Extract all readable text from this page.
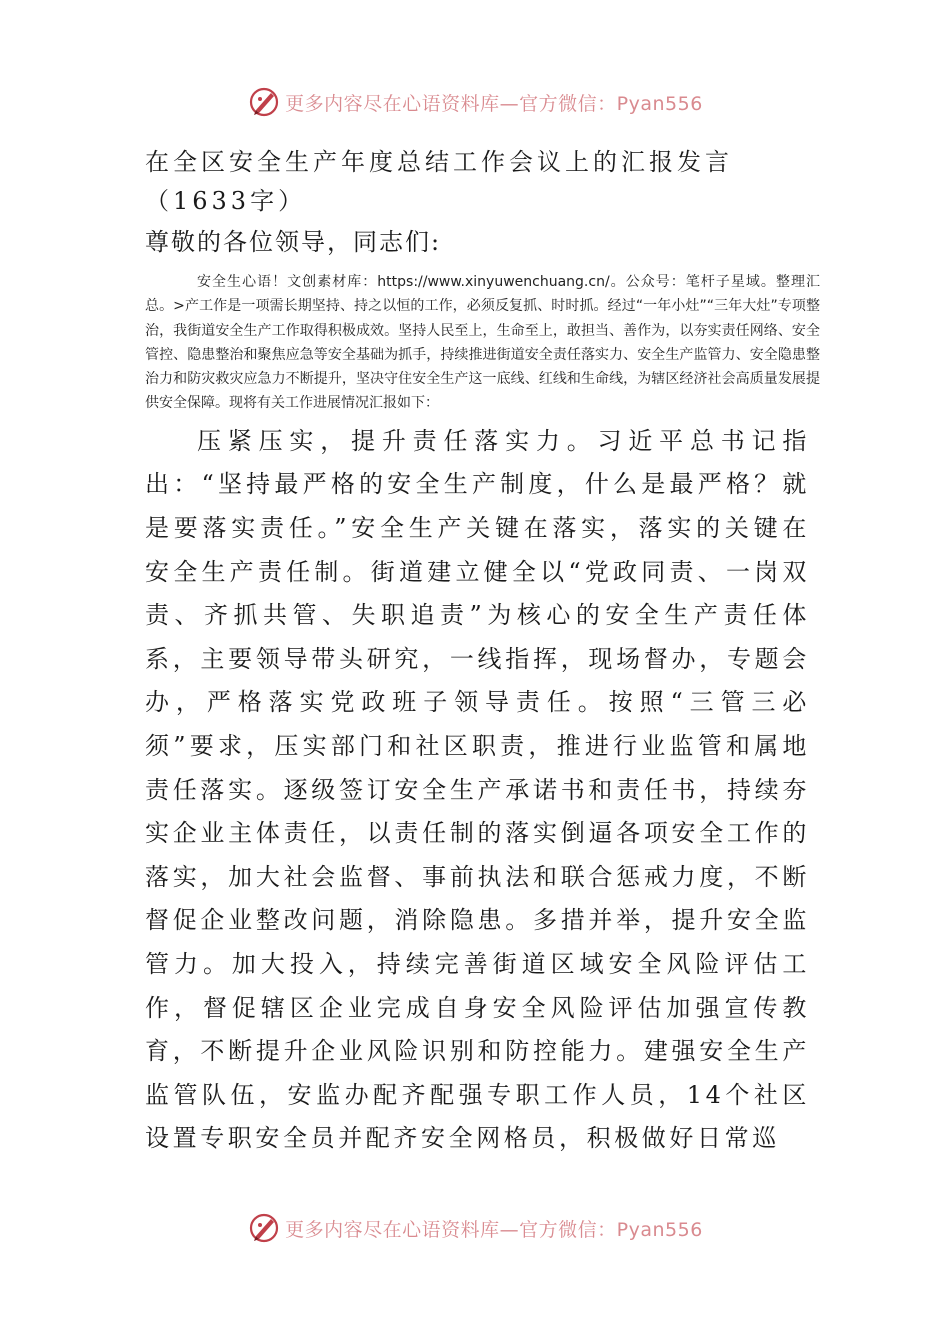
更多内容尽在心语资料库—官方微信：Pyan556
在全区安全生产年度总结工作会议上的汇报发言（1633字）
尊敬的各位领导，同志们:

安全生心语！文创素材库：https://www.xinyuwenchuang.cn/。公众号：笔杆子星域。整理汇总。>产工作是一项需长期坚持、持之以恒的工作，必须反复抓、时时抓。经过“一年小灶”“三年大灶”专项整治，我街道安全生产工作取得积极成效。坚持人民至上，生命至上，敢担当、善作为，以夯实责任网络、安全管控、隐患整治和聚焦应急等安全基础为抓手，持续推进街道安全责任落实力、安全生产监管力、安全隐患整治力和防灾救灾应急力不断提升，坚决守住安全生产这一底线、红线和生命线，为辖区经济社会高质量发展提供安全保障。现将有关工作进展情况汇报如下：

压紧压实，提升责任落实力。习近平总书记指出：“坚持最严格的安全生产制度，什么是最严格？就是要落实责任。”安全生产关键在落实，落实的关键在安全生产责任制。街道建立健全以“党政同责、一岗双责、齐抓共管、失职追责”为核心的安全生产责任体系，主要领导带头研究，一线指挥，现场督办，专题会办，严格落实党政班子领导责任。按照“三管三必须”要求，压实部门和社区职责，推进行业监管和属地责任落实。逐级签订安全生产承诺书和责任书，持续夯实企业主体责任，以责任制的落实倒逼各项安全工作的落实，加大社会监督、事前执法和联合惩戒力度，不断督促企业整改问题，消除隐患。多措并举，提升安全监管力。加大投入，持续完善街道区域安全风险评估工作，督促辖区企业完成自身安全风险评估加强宣传教育，不断提升企业风险识别和防控能力。建强安全生产监管队伍，安监办配齐配强专职工作人员，14个社区设置专职安全员并配齐安全网格员，积极做好日常巡

更多内容尽在心语资料库—官方微信：Pyan556
